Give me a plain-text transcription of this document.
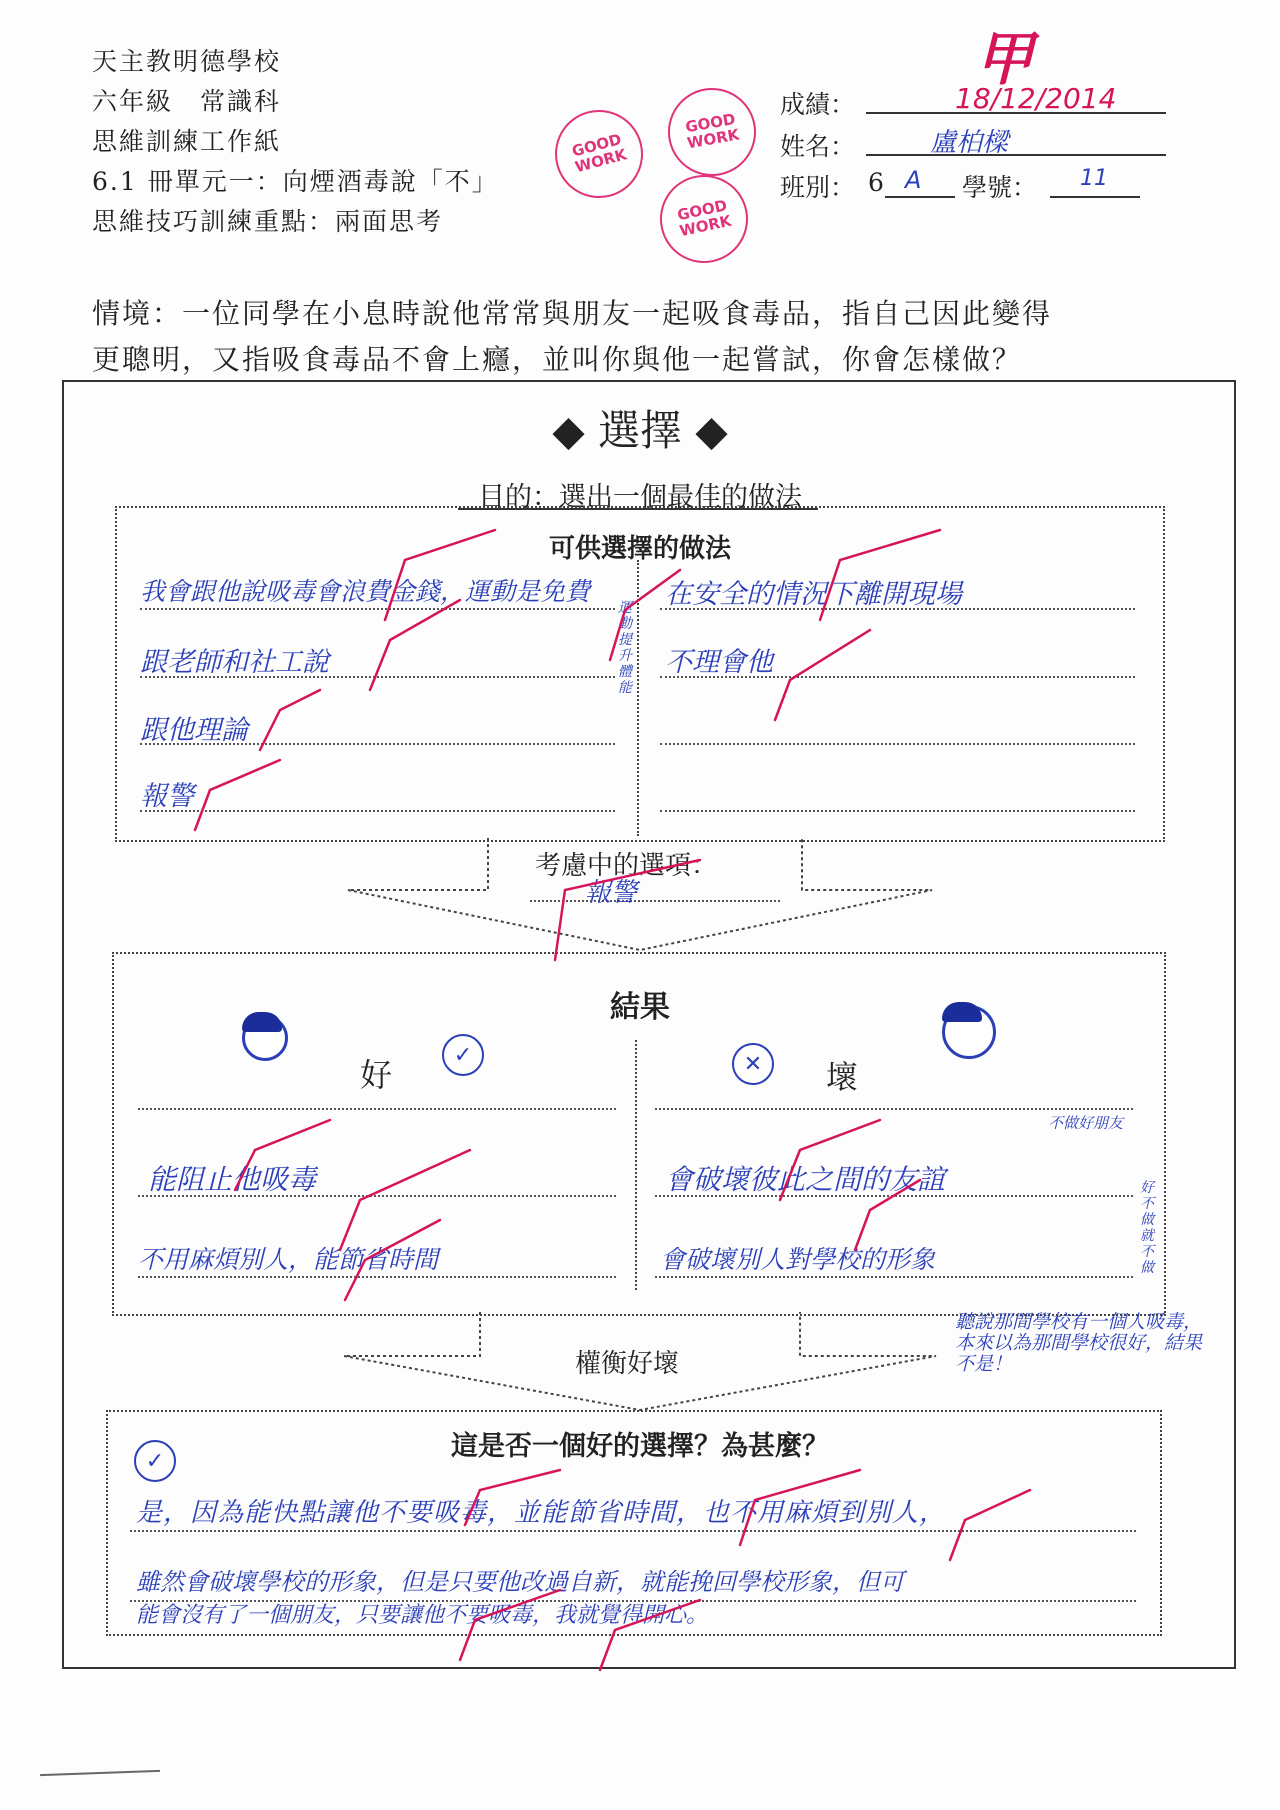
天主教明德學校
六年級　常識科
思維訓練工作紙
6.1 冊單元一：向煙酒毒說「不」
思維技巧訓練重點：兩面思考
GOOD WORK
GOOD WORK
GOOD WORK
成績：
甲
18/12/2014
姓名：	盧柏樑
班別： 6 A 學號： 11
情境：一位同學在小息時說他常常與朋友一起吸食毒品，指自己因此變得
更聰明，又指吸食毒品不會上癮，並叫你與他一起嘗試，你會怎樣做？
◆ 選擇 ◆
目的：選出一個最佳的做法
可供選擇的做法
我會跟他說吸毒會浪費金錢，運動是免費
跟老師和社工說
跟他理論
報警
運動提升體能
在安全的情況下離開現場
不理會他
考慮中的選項：
報警
結果
好
✓	✕	壞
能阻止他吸毒
不用麻煩別人，能節省時間
會破壞彼此之間的友誼
會破壞別人對學校的形象
不做好朋友
好不做就不做
聽說那間學校有一個人吸毒，本來以為那間學校很好，結果不是！
權衡好壞
這是否一個好的選擇？為甚麼？
✓
是，因為能快點讓他不要吸毒，並能節省時間，也不用麻煩到別人，
雖然會破壞學校的形象，但是只要他改過自新，就能挽回學校形象，但可
能會沒有了一個朋友，只要讓他不要吸毒，我就覺得開心。
